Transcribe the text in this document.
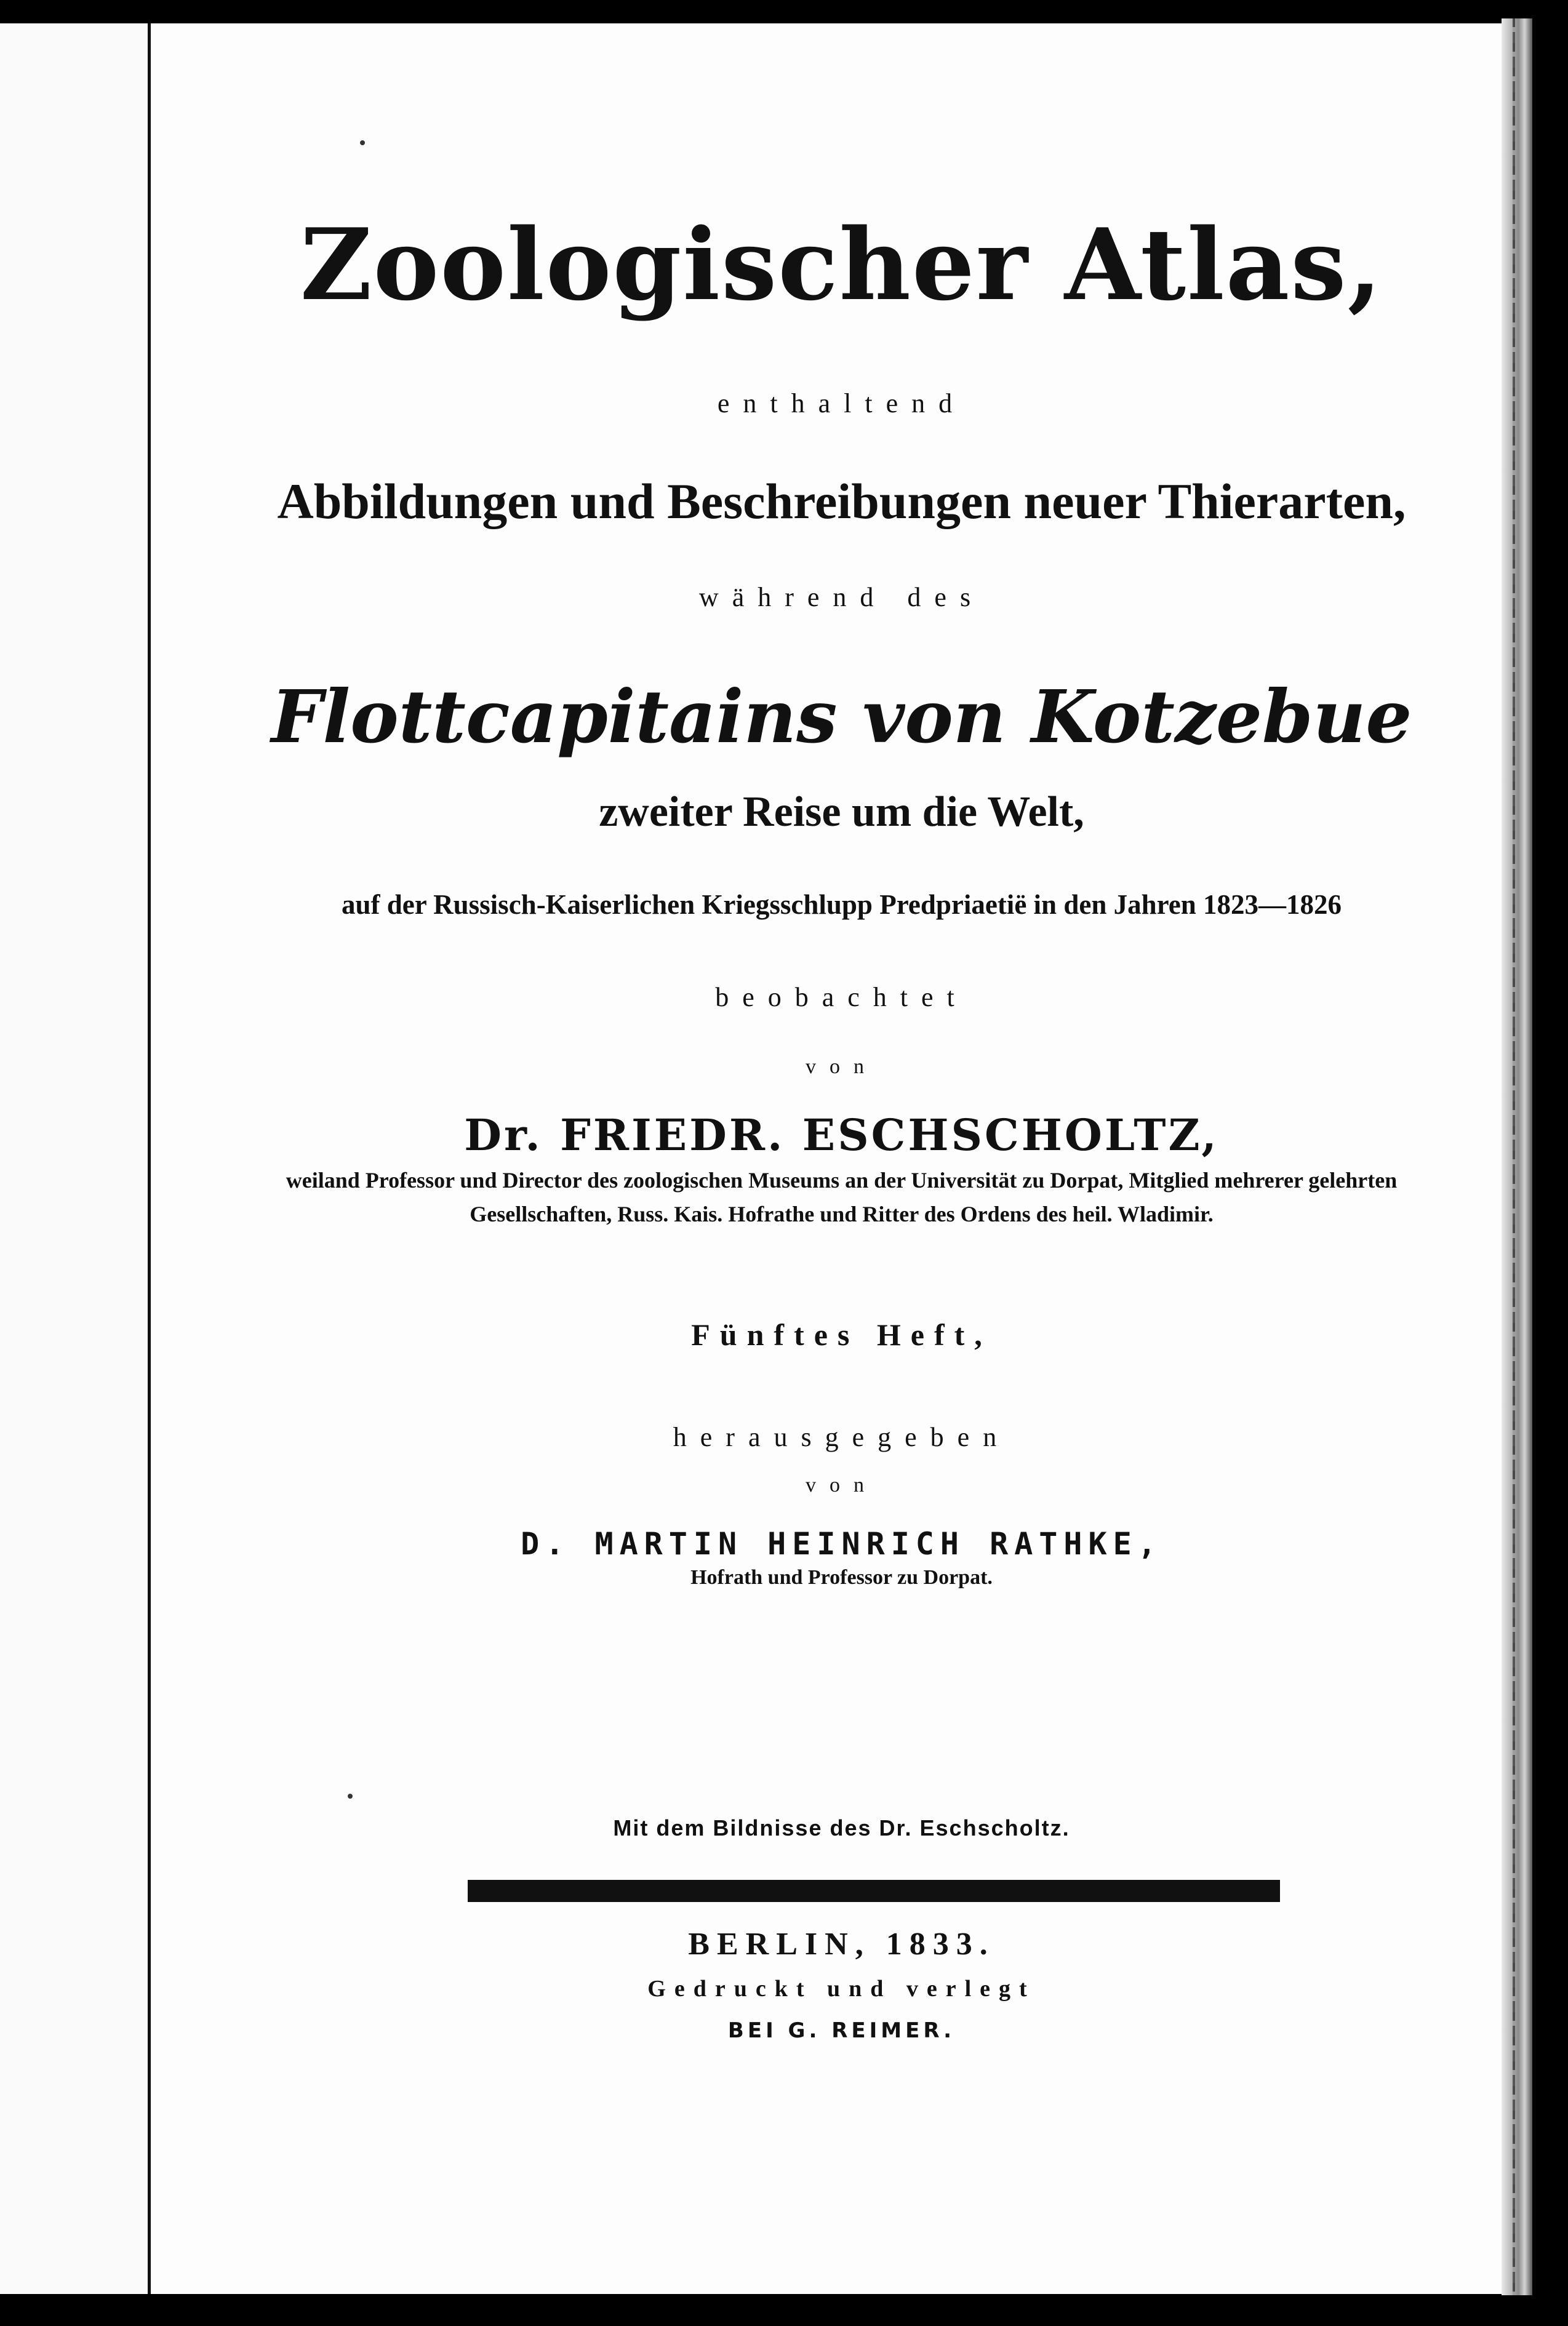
Zoologischer Atlas,
enthaltend
Abbildungen und Beschreibungen neuer Thierarten,
während des
Flottcapitains von Kotzebue
zweiter Reise um die Welt,
auf der Russisch-Kaiserlichen Kriegsschlupp Predpriaetië in den Jahren 1823—1826
beobachtet
von
Dr. FRIEDR. ESCHSCHOLTZ,
weiland Professor und Director des zoologischen Museums an der Universität zu Dorpat, Mitglied mehrerer gelehrten
Gesellschaften, Russ. Kais. Hofrathe und Ritter des Ordens des heil. Wladimir.
Fünftes Heft,
herausgegeben
von
D. MARTIN HEINRICH RATHKE,
Hofrath und Professor zu Dorpat.
Mit dem Bildnisse des Dr. Eschscholtz.
BERLIN, 1833.
Gedruckt und verlegt
BEI G. REIMER.
